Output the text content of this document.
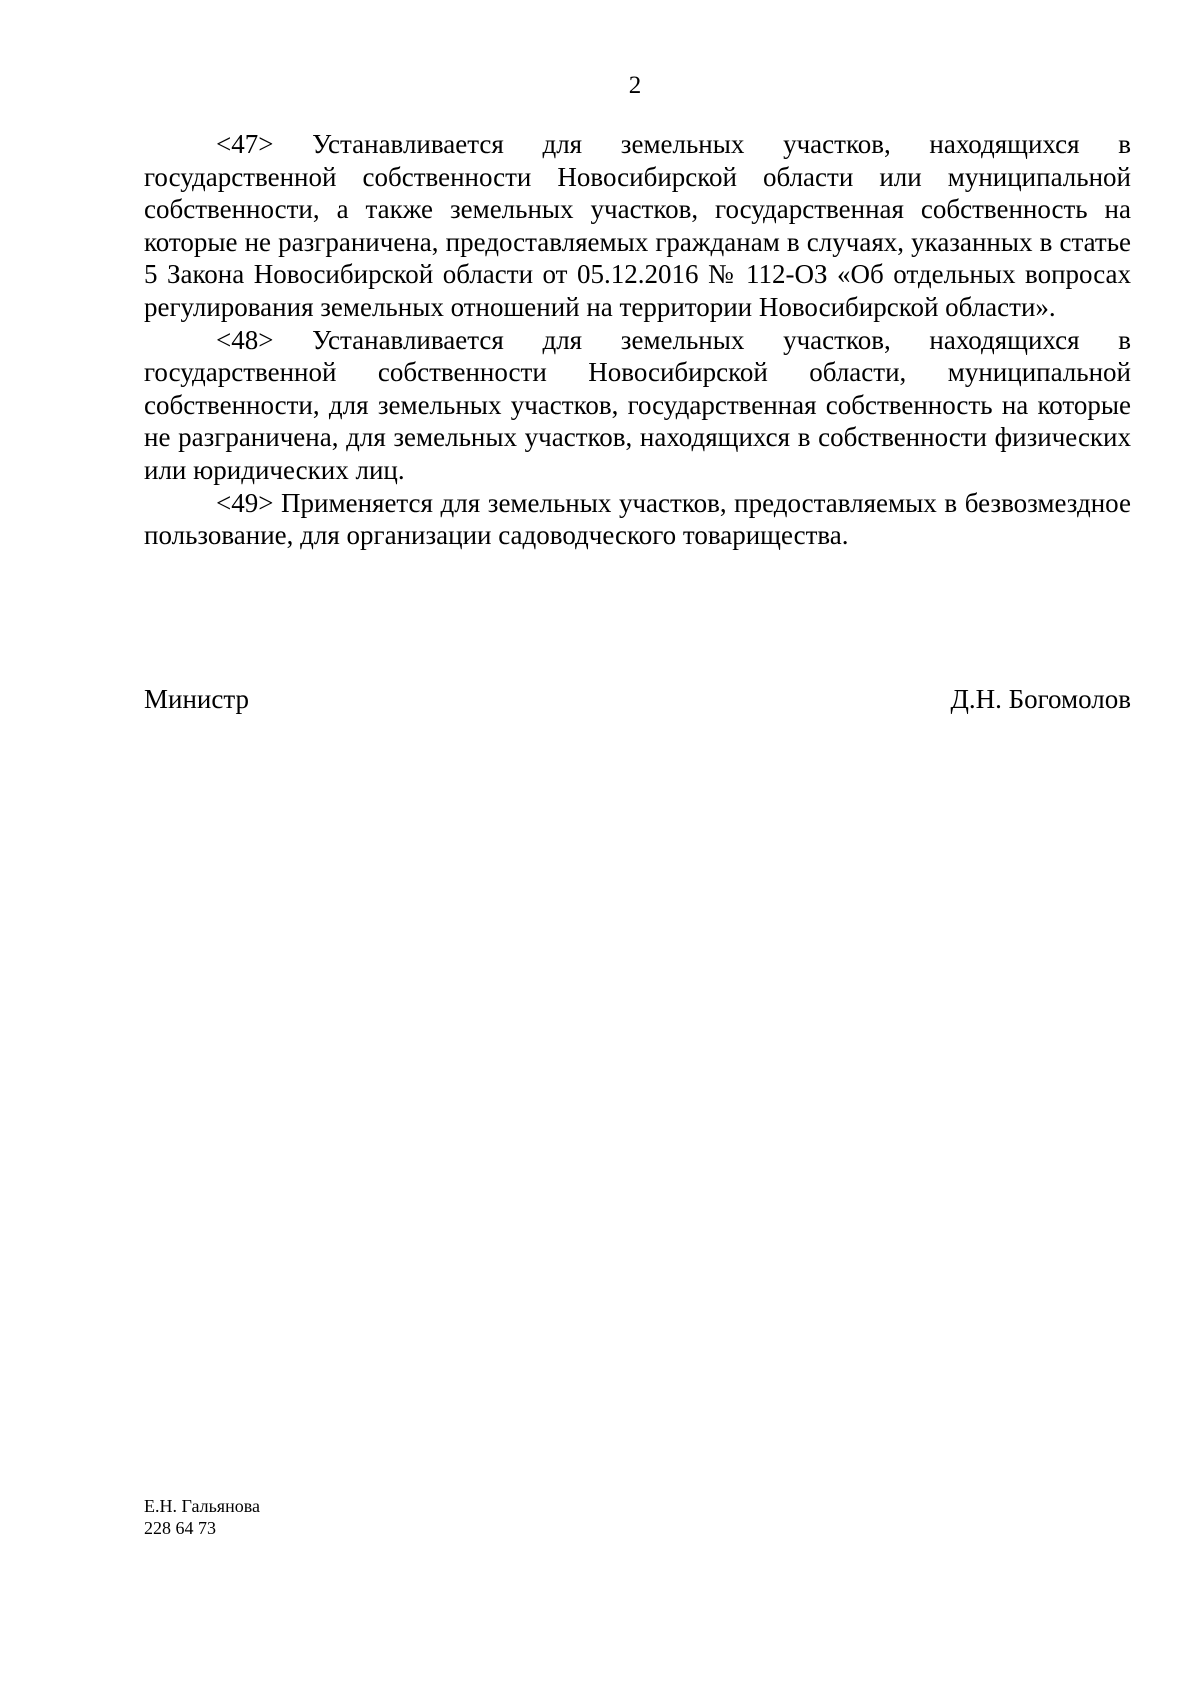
2

<47> Устанавливается для земельных участков, находящихся в государственной собственности Новосибирской области или муниципальной собственности, а также земельных участков, государственная собственность на которые не разграничена, предоставляемых гражданам в случаях, указанных в статье 5 Закона Новосибирской области от 05.12.2016 № 112-ОЗ «Об отдельных вопросах регулирования земельных отношений на территории Новосибирской области».

<48> Устанавливается для земельных участков, находящихся в государственной собственности Новосибирской области, муниципальной собственности, для земельных участков, государственная собственность на которые не разграничена, для земельных участков, находящихся в собственности физических или юридических лиц.

<49> Применяется для земельных участков, предоставляемых в безвозмездное пользование, для организации садоводческого товарищества.

Министр	Д.Н. Богомолов
Е.Н. Гальянова
228 64 73
